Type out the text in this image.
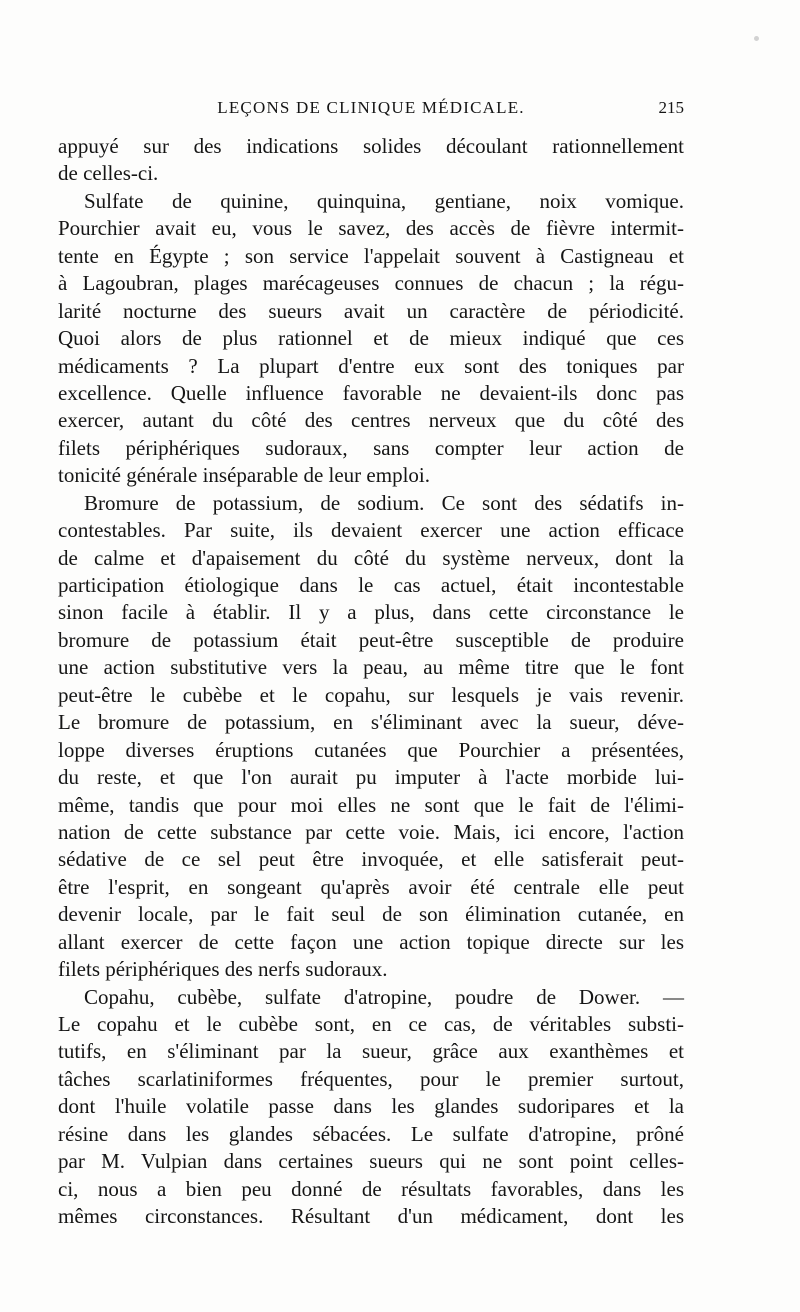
LEÇONS DE CLINIQUE MÉDICALE.	215
appuyé sur des indications solides découlant rationnellement
de celles-ci.
Sulfate de quinine, quinquina, gentiane, noix vomique.
Pourchier avait eu, vous le savez, des accès de fièvre intermit-
tente en Égypte ; son service l'appelait souvent à Castigneau et
à Lagoubran, plages marécageuses connues de chacun ; la régu-
larité nocturne des sueurs avait un caractère de périodicité.
Quoi alors de plus rationnel et de mieux indiqué que ces
médicaments ? La plupart d'entre eux sont des toniques par
excellence. Quelle influence favorable ne devaient-ils donc pas
exercer, autant du côté des centres nerveux que du côté des
filets périphériques sudoraux, sans compter leur action de
tonicité générale inséparable de leur emploi.
Bromure de potassium, de sodium. Ce sont des sédatifs in-
contestables. Par suite, ils devaient exercer une action efficace
de calme et d'apaisement du côté du système nerveux, dont la
participation étiologique dans le cas actuel, était incontestable
sinon facile à établir. Il y a plus, dans cette circonstance le
bromure de potassium était peut-être susceptible de produire
une action substitutive vers la peau, au même titre que le font
peut-être le cubèbe et le copahu, sur lesquels je vais revenir.
Le bromure de potassium, en s'éliminant avec la sueur, déve-
loppe diverses éruptions cutanées que Pourchier a présentées,
du reste, et que l'on aurait pu imputer à l'acte morbide lui-
même, tandis que pour moi elles ne sont que le fait de l'élimi-
nation de cette substance par cette voie. Mais, ici encore, l'action
sédative de ce sel peut être invoquée, et elle satisferait peut-
être l'esprit, en songeant qu'après avoir été centrale elle peut
devenir locale, par le fait seul de son élimination cutanée, en
allant exercer de cette façon une action topique directe sur les
filets périphériques des nerfs sudoraux.
Copahu, cubèbe, sulfate d'atropine, poudre de Dower. —
Le copahu et le cubèbe sont, en ce cas, de véritables substi-
tutifs, en s'éliminant par la sueur, grâce aux exanthèmes et
tâches scarlatiniformes fréquentes, pour le premier surtout,
dont l'huile volatile passe dans les glandes sudoripares et la
résine dans les glandes sébacées. Le sulfate d'atropine, prôné
par M. Vulpian dans certaines sueurs qui ne sont point celles-
ci, nous a bien peu donné de résultats favorables, dans les
mêmes circonstances. Résultant d'un médicament, dont les
